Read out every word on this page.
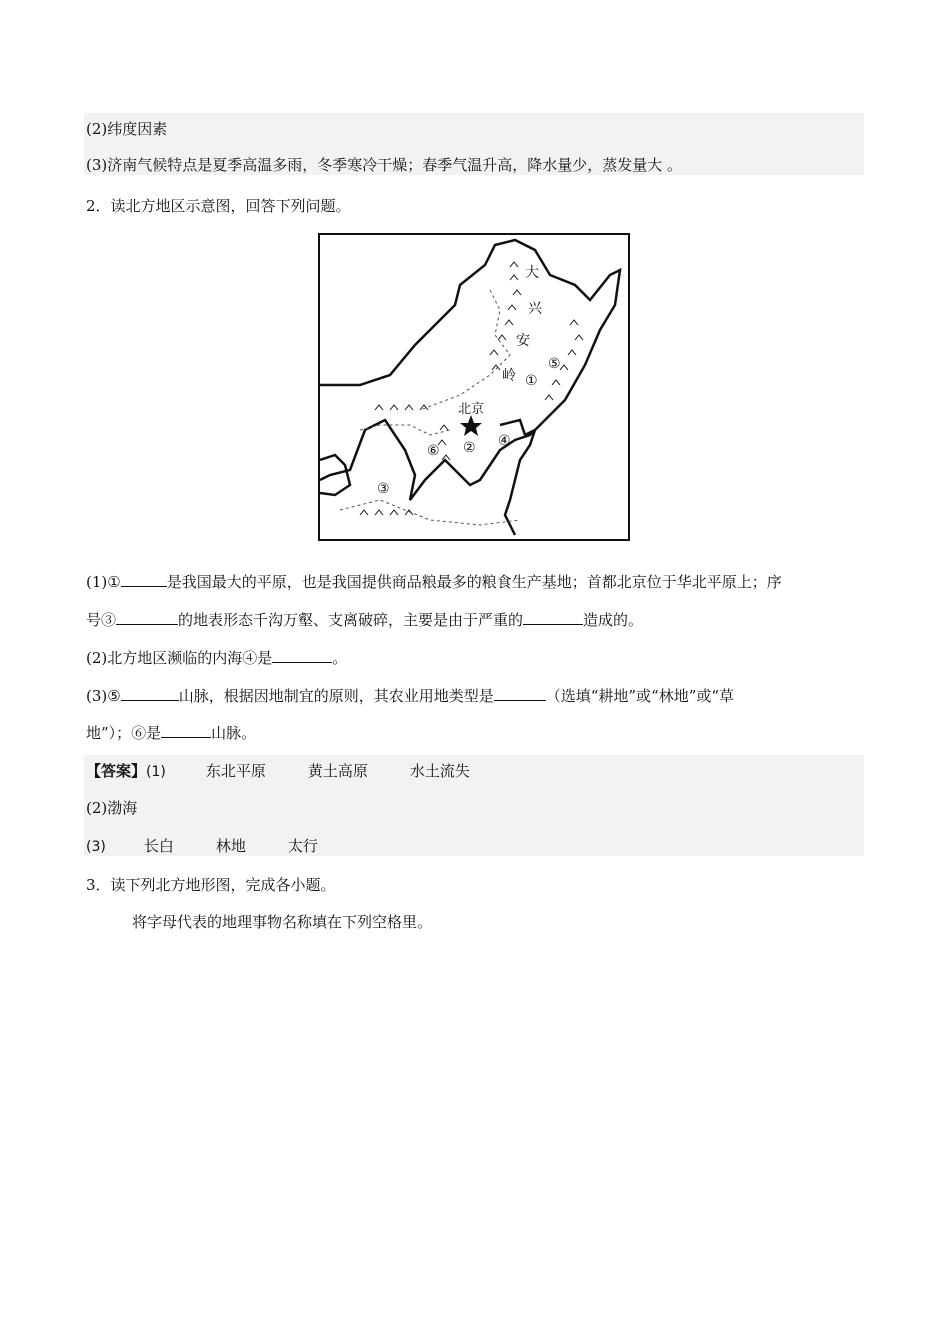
(2)纬度因素
(3)济南气候特点是夏季高温多雨，冬季寒冷干燥；春季气温升高，降水量少，蒸发量大 。
2．读北方地区示意图，回答下列问题。
大
兴
安
岭
北京
①
⑤
② ④
⑥
③
(1)①	是我国最大的平原，也是我国提供商品粮最多的粮食生产基地；首都北京位于华北平原上；序
号③	的地表形态千沟万壑、支离破碎，主要是由于严重的	造成的。
(2)北方地区濒临的内海④是	。
(3)⑤	山脉，根据因地制宜的原则，其农业用地类型是	（选填“耕地”或“林地”或“草
地”）；⑥是	山脉。
【答案】(1)	东北平原	黄土高原	水土流失
(2)渤海
(3)	长白	林地	太行
3．读下列北方地形图，完成各小题。
将字母代表的地理事物名称填在下列空格里。
